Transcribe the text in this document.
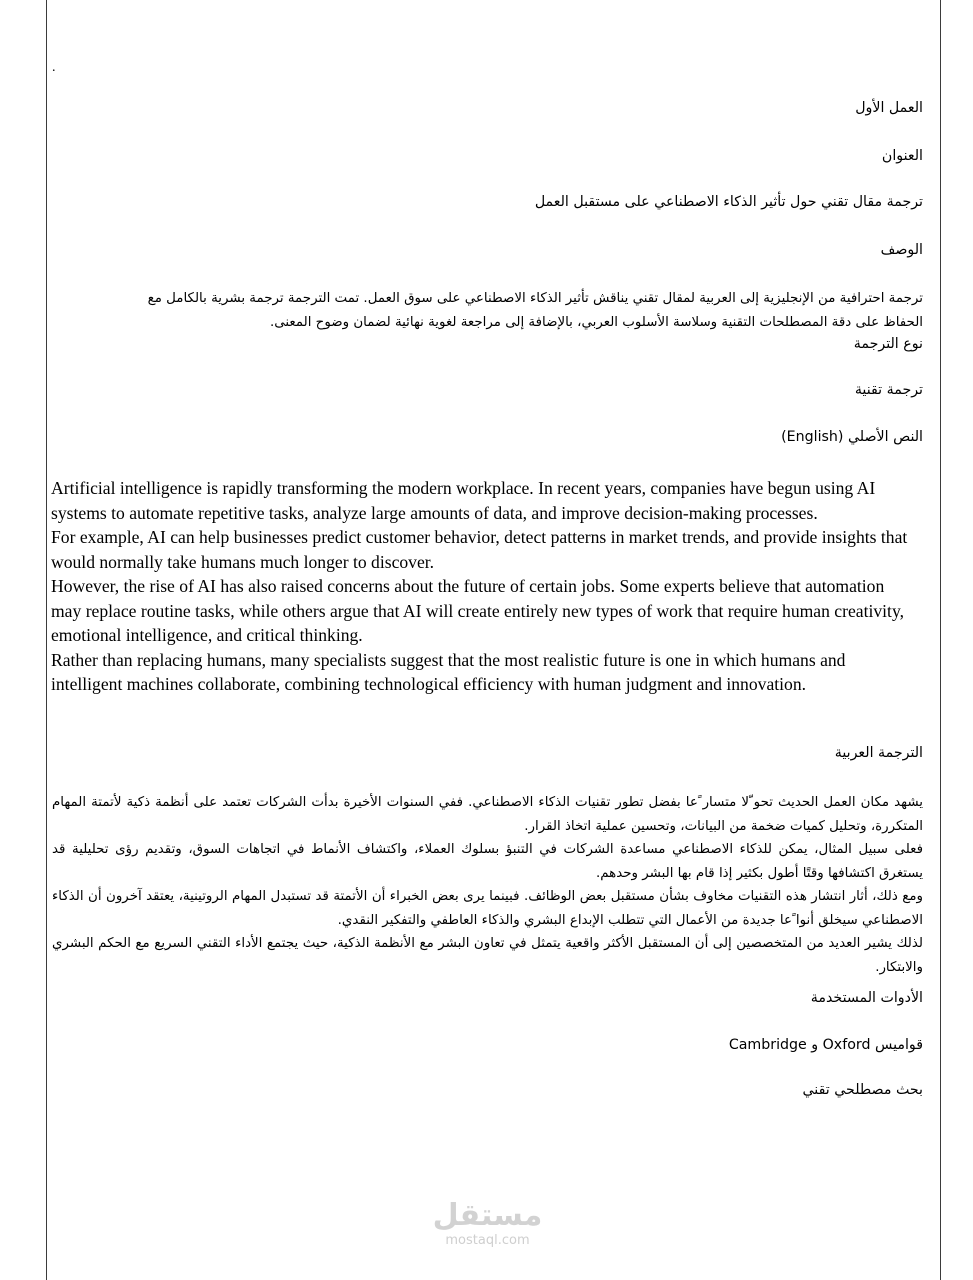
.

العمل الأول

العنوان

ترجمة مقال تقني حول تأثير الذكاء الاصطناعي على مستقبل العمل

الوصف

ترجمة احترافية من الإنجليزية إلى العربية لمقال تقني يناقش تأثير الذكاء الاصطناعي على سوق العمل. تمت الترجمة ترجمة بشرية بالكامل مع

الحفاظ على دقة المصطلحات التقنية وسلاسة الأسلوب العربي، بالإضافة إلى مراجعة لغوية نهائية لضمان وضوح المعنى.

نوع الترجمة

ترجمة تقنية

النص الأصلي (English)

Artificial intelligence is rapidly transforming the modern workplace. In recent years, companies have begun using AI systems to automate repetitive tasks, analyze large amounts of data, and improve decision-making processes.

For example, AI can help businesses predict customer behavior, detect patterns in market trends, and provide insights that would normally take humans much longer to discover.

However, the rise of AI has also raised concerns about the future of certain jobs. Some experts believe that automation may replace routine tasks, while others argue that AI will create entirely new types of work that require human creativity, emotional intelligence, and critical thinking.

Rather than replacing humans, many specialists suggest that the most realistic future is one in which humans and intelligent machines collaborate, combining technological efficiency with human judgment and innovation.

الترجمة العربية

يشهد مكان العمل الحديث تحو ّلا متسار ًعا بفضل تطور تقنيات الذكاء الاصطناعي. ففي السنوات الأخيرة بدأت الشركات تعتمد على أنظمة ذكية لأتمتة المهام المتكررة، وتحليل كميات ضخمة من البيانات، وتحسين عملية اتخاذ القرار.

فعلى سبيل المثال، يمكن للذكاء الاصطناعي مساعدة الشركات في التنبؤ بسلوك العملاء، واكتشاف الأنماط في اتجاهات السوق، وتقديم رؤى تحليلية قد يستغرق اكتشافها وقتًا أطول بكثير إذا قام بها البشر وحدهم.

ومع ذلك، أثار انتشار هذه التقنيات مخاوف بشأن مستقبل بعض الوظائف. فبينما يرى بعض الخبراء أن الأتمتة قد تستبدل المهام الروتينية، يعتقد آخرون أن الذكاء الاصطناعي سيخلق أنوا ًعا جديدة من الأعمال التي تتطلب الإبداع البشري والذكاء العاطفي والتفكير النقدي.

لذلك يشير العديد من المتخصصين إلى أن المستقبل الأكثر واقعية يتمثل في تعاون البشر مع الأنظمة الذكية، حيث يجتمع الأداء التقني السريع مع الحكم البشري والابتكار.

الأدوات المستخدمة

قواميس Oxford و Cambridge

بحث مصطلحي تقني

مستقل
mostaql.com
